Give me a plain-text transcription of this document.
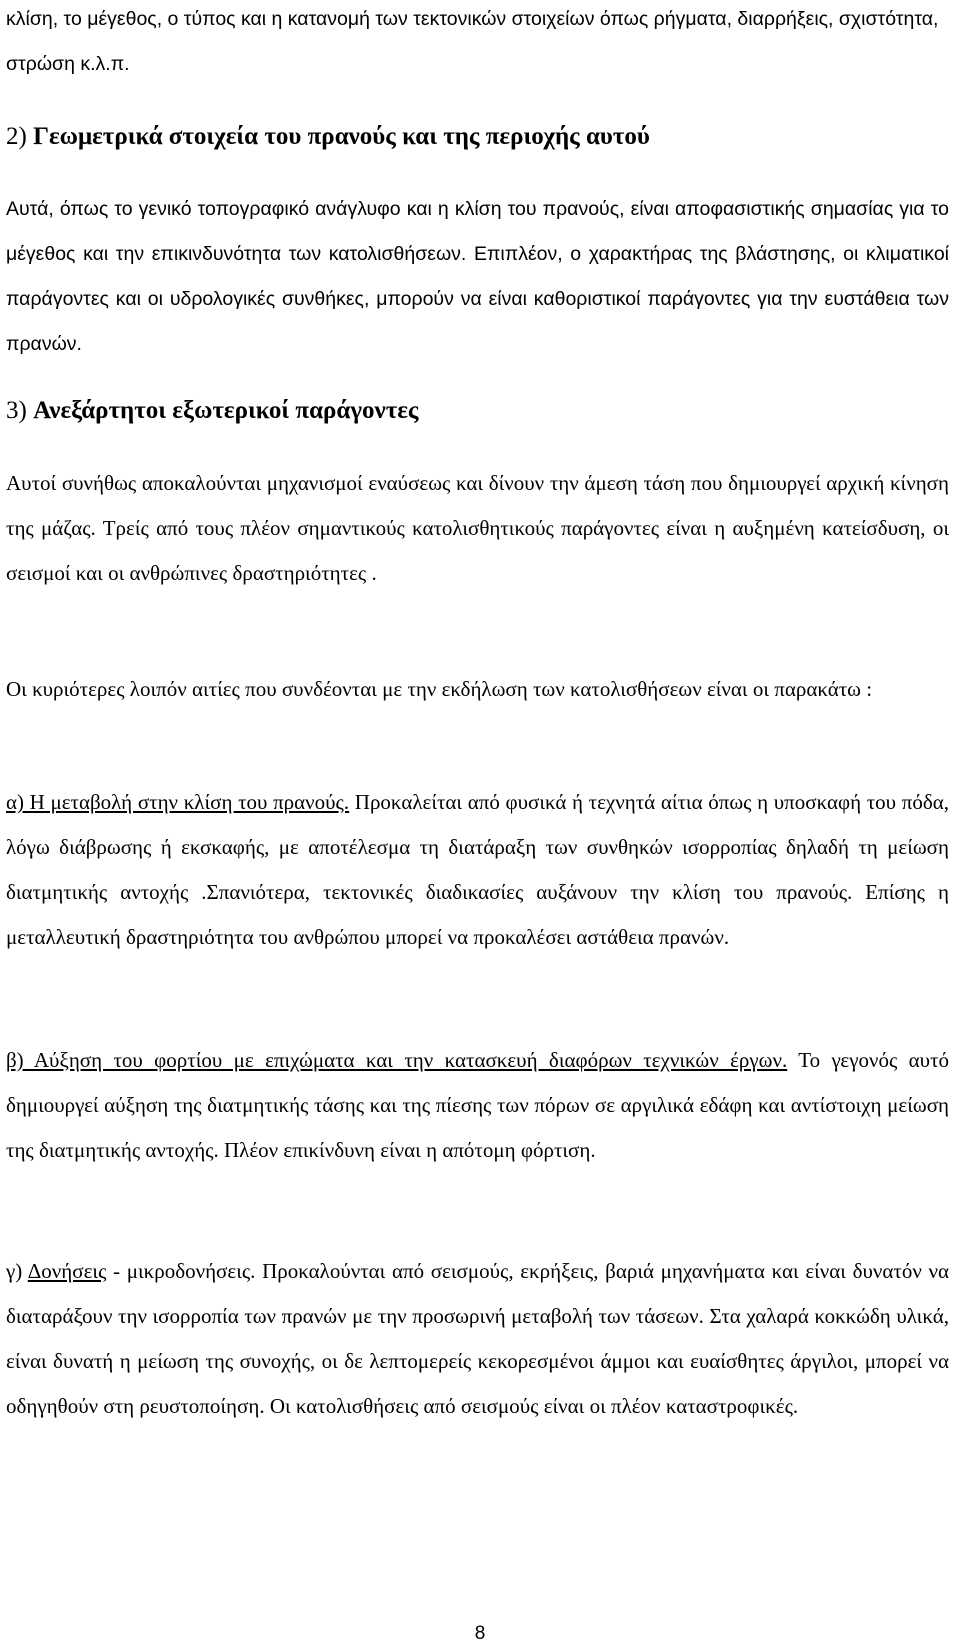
κλίση, το μέγεθος, ο τύπος και η κατανομή των τεκτονικών στοιχείων όπως ρήγματα, διαρρήξεις, σχιστότητα, στρώση κ.λ.π.

2) Γεωμετρικά στοιχεία του πρανούς και της περιοχής αυτού

Αυτά, όπως το γενικό τοπογραφικό ανάγλυφο και η κλίση του πρανούς, είναι αποφασιστικής σημασίας για το μέγεθος και την επικινδυνότητα των κατολισθήσεων. Επιπλέον, ο χαρακτήρας της βλάστησης, οι κλιματικοί παράγοντες και οι υδρολογικές συνθήκες, μπορούν να είναι καθοριστικοί παράγοντες για την ευστάθεια των πρανών.

3) Ανεξάρτητοι εξωτερικοί παράγοντες

Αυτοί συνήθως αποκαλούνται μηχανισμοί εναύσεως και δίνουν την άμεση τάση που δημιουργεί αρχική κίνηση της μάζας. Τρείς από τους πλέον σημαντικούς κατολισθητικούς παράγοντες είναι η αυξημένη κατείσδυση, οι σεισμοί και οι ανθρώπινες δραστηριότητες .

Οι κυριότερες λοιπόν αιτίες που συνδέονται με την εκδήλωση των κατολισθήσεων είναι οι παρακάτω :

α) Η μεταβολή στην κλίση του πρανούς. Προκαλείται από φυσικά ή τεχνητά αίτια όπως η υποσκαφή του πόδα, λόγω διάβρωσης ή εκσκαφής, με αποτέλεσμα τη διατάραξη των συνθηκών ισορροπίας δηλαδή τη μείωση διατμητικής αντοχής .Σπανιότερα, τεκτονικές διαδικασίες αυξάνουν την κλίση του πρανούς. Επίσης η μεταλλευτική δραστηριότητα του ανθρώπου μπορεί να προκαλέσει αστάθεια πρανών.

β) Αύξηση του φορτίου με επιχώματα και την κατασκευή διαφόρων τεχνικών έργων. Το γεγονός αυτό δημιουργεί αύξηση της διατμητικής τάσης και της πίεσης των πόρων σε αργιλικά εδάφη και αντίστοιχη μείωση της διατμητικής αντοχής. Πλέον επικίνδυνη είναι η απότομη φόρτιση.

γ) Δονήσεις - μικροδονήσεις. Προκαλούνται από σεισμούς, εκρήξεις, βαριά μηχανήματα και είναι δυνατόν να διαταράξουν την ισορροπία των πρανών με την προσωρινή μεταβολή των τάσεων. Στα χαλαρά κοκκώδη υλικά, είναι δυνατή η μείωση της συνοχής, οι δε λεπτομερείς κεκορεσμένοι άμμοι και ευαίσθητες άργιλοι, μπορεί να οδηγηθούν στη ρευστοποίηση. Οι κατολισθήσεις από σεισμούς είναι οι πλέον καταστροφικές.

8
